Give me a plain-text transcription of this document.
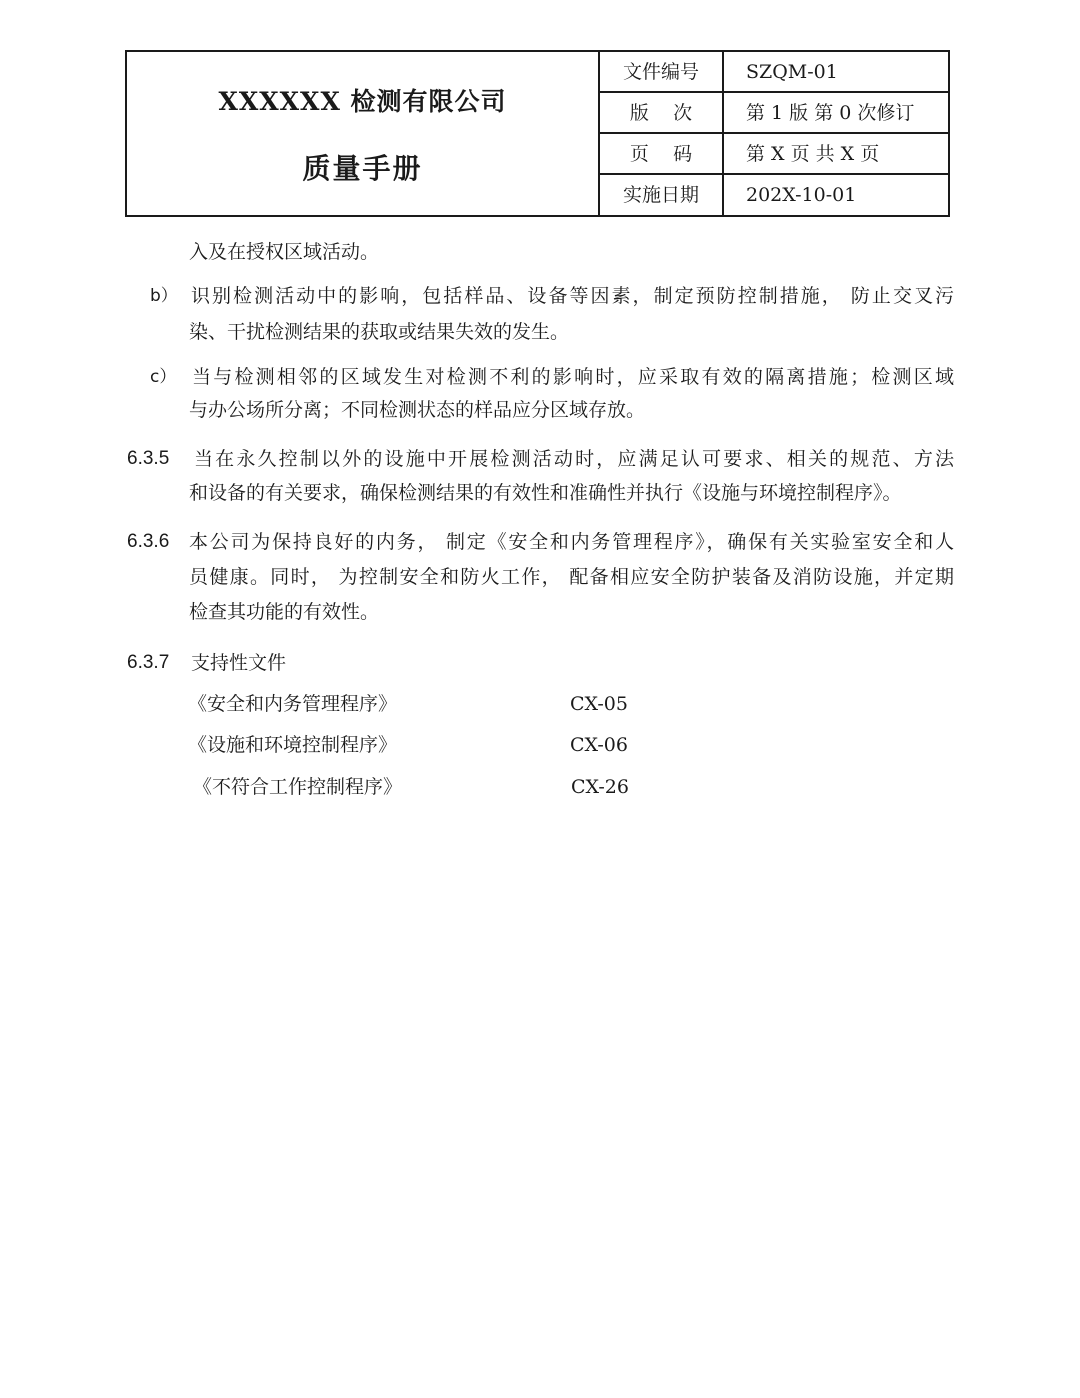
XXXXXX 检测有限公司
质量手册
文件编号	SZQM-01
版    次	第 1 版 第 0 次修订
页    码	第 X 页 共 X 页
实施日期	202X-10-01
入及在授权区域活动。
b） 识别检测活动中的影响，包括样品、设备等因素，制定预防控制措施， 防止交叉污
染、干扰检测结果的获取或结果失效的发生。
c） 当与检测相邻的区域发生对检测不利的影响时，应采取有效的隔离措施；检测区域
与办公场所分离；不同检测状态的样品应分区域存放。
6.3.5 当在永久控制以外的设施中开展检测活动时，应满足认可要求、相关的规范、方法
和设备的有关要求，确保检测结果的有效性和准确性并执行《设施与环境控制程序》。
6.3.6 本公司为保持良好的内务， 制定《安全和内务管理程序》，确保有关实验室安全和人
员健康。同时， 为控制安全和防火工作， 配备相应安全防护装备及消防设施，并定期
检查其功能的有效性。
6.3.7 支持性文件
《安全和内务管理程序》	CX-05
《设施和环境控制程序》	CX-06
《不符合工作控制程序》	CX-26
